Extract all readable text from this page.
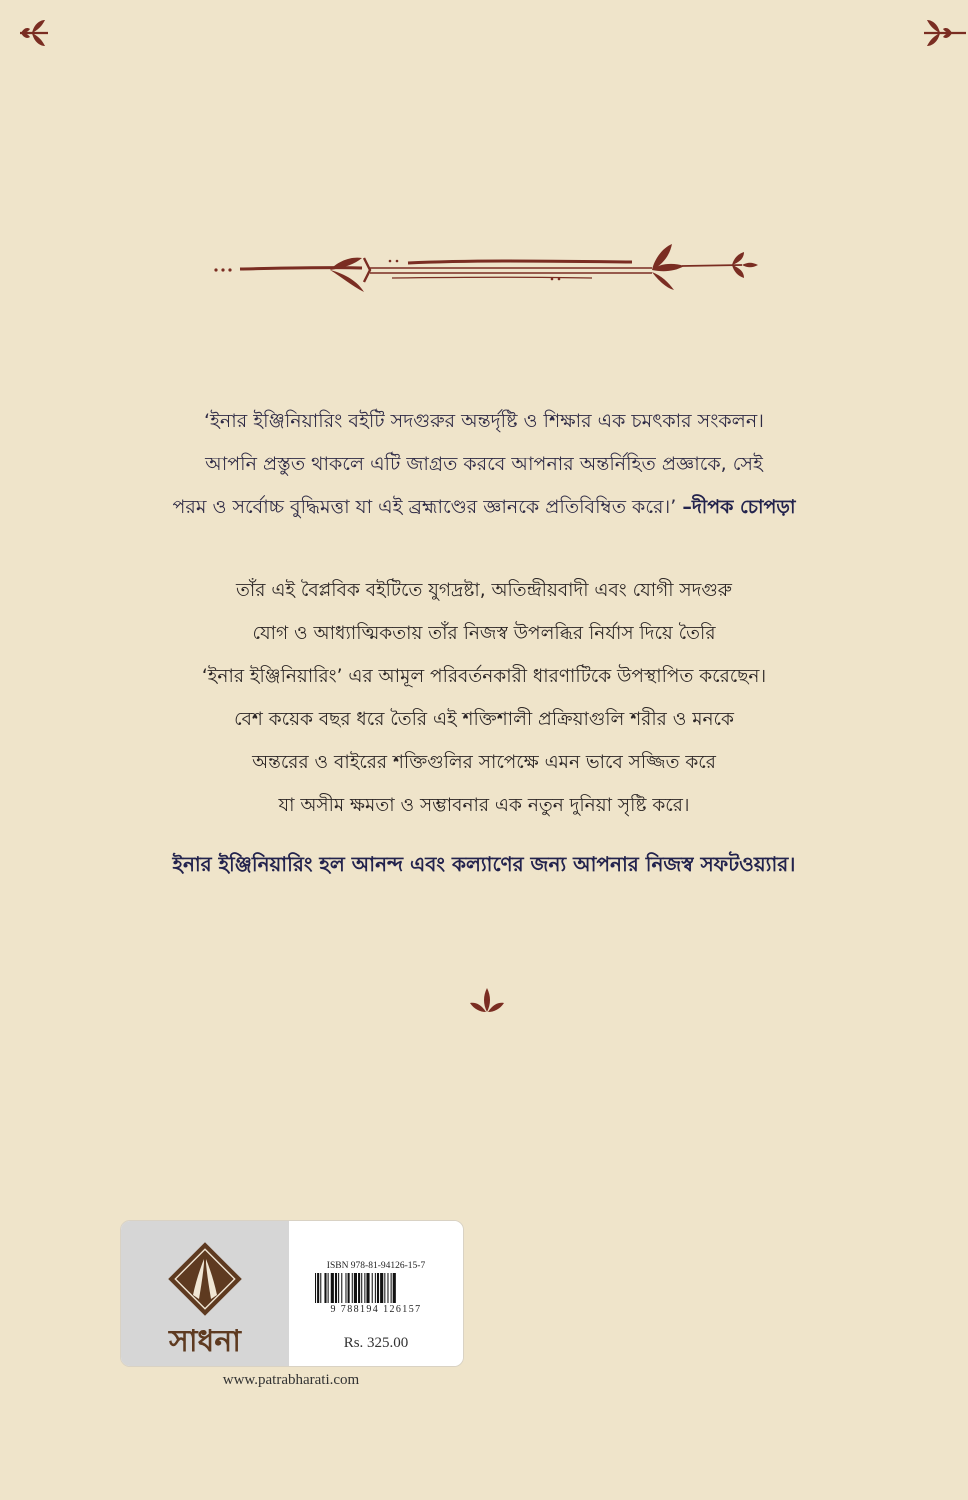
‘ইনার ইঞ্জিনিয়ারিং বইটি সদগুরুর অন্তর্দৃষ্টি ও শিক্ষার এক চমৎকার সংকলন।
আপনি প্রস্তুত থাকলে এটি জাগ্রত করবে আপনার অন্তর্নিহিত প্রজ্ঞাকে, সেই
পরম ও সর্বোচ্চ বুদ্ধিমত্তা যা এই ব্রহ্মাণ্ডের জ্ঞানকে প্রতিবিম্বিত করে।’ –দীপক চোপড়া
তাঁর এই বৈপ্লবিক বইটিতে যুগদ্রষ্টা, অতিন্দ্রীয়বাদী এবং যোগী সদগুরু
যোগ ও আধ্যাত্মিকতায় তাঁর নিজস্ব উপলব্ধির নির্যাস দিয়ে তৈরি
‘ইনার ইঞ্জিনিয়ারিং’ এর আমূল পরিবর্তনকারী ধারণাটিকে উপস্থাপিত করেছেন।
বেশ কয়েক বছর ধরে তৈরি এই শক্তিশালী প্রক্রিয়াগুলি শরীর ও মনকে
অন্তরের ও বাইরের শক্তিগুলির সাপেক্ষে এমন ভাবে সজ্জিত করে
যা অসীম ক্ষমতা ও সম্ভাবনার এক নতুন দুনিয়া সৃষ্টি করে।
ইনার ইঞ্জিনিয়ারিং হল আনন্দ এবং কল্যাণের জন্য আপনার নিজস্ব সফটওয়্যার।
সাধনা
ISBN 978-81-94126-15-7
9 788194 126157
Rs. 325.00
www.patrabharati.com
